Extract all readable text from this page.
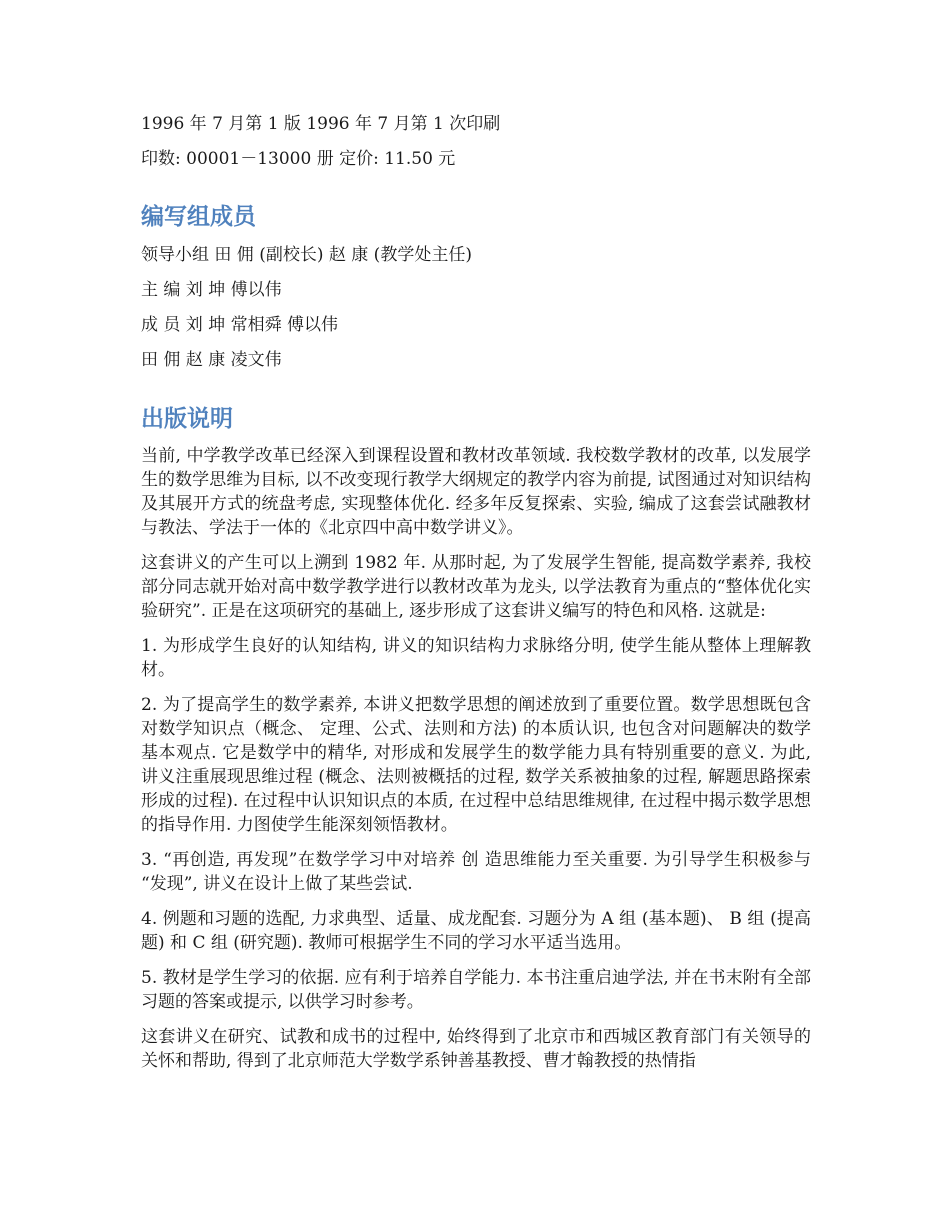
1996 年 7 月第 1 版 1996 年 7 月第 1 次印刷
印数: 00001－13000 册 定价: 11.50 元
编写组成员
领导小组 田 佣 (副校长) 赵 康 (教学处主任)
主 编 刘 坤 傅以伟
成 员 刘 坤 常相舜 傅以伟
田 佣 赵 康 凌文伟
出版说明

当前, 中学教学改革已经深入到课程设置和教材改革领域. 我校数学教材的改革, 以发展学生的数学思维为目标, 以不改变现行教学大纲规定的教学内容为前提, 试图通过对知识结构及其展开方式的统盘考虑, 实现整体优化. 经多年反复探索、实验, 编成了这套尝试融教材与教法、学法于一体的《北京四中高中数学讲义》。

这套讲义的产生可以上溯到 1982 年. 从那时起, 为了发展学生智能, 提高数学素养, 我校部分同志就开始对高中数学教学进行以教材改革为龙头, 以学法教育为重点的“整体优化实验研究”. 正是在这项研究的基础上, 逐步形成了这套讲义编写的特色和风格. 这就是:

1. 为形成学生良好的认知结构, 讲义的知识结构力求脉络分明, 使学生能从整体上理解教材。

2. 为了提高学生的数学素养, 本讲义把数学思想的阐述放到了重要位置。数学思想既包含对数学知识点（概念、 定理、公式、法则和方法) 的本质认识, 也包含对问题解决的数学基本观点. 它是数学中的精华, 对形成和发展学生的数学能力具有特别重要的意义. 为此, 讲义注重展现思维过程 (概念、法则被概括的过程, 数学关系被抽象的过程, 解题思路探索形成的过程). 在过程中认识知识点的本质, 在过程中总结思维规律, 在过程中揭示数学思想的指导作用. 力图使学生能深刻领悟教材。

3. “再创造, 再发现”在数学学习中对培养 创 造思维能力至关重要. 为引导学生积极参与 “发现”, 讲义在设计上做了某些尝试.

4. 例题和习题的选配, 力求典型、适量、成龙配套. 习题分为 A 组 (基本题)、 B 组 (提高题) 和 C 组 (研究题). 教师可根据学生不同的学习水平适当选用。

5. 教材是学生学习的依据. 应有利于培养自学能力. 本书注重启迪学法, 并在书末附有全部习题的答案或提示, 以供学习时参考。

这套讲义在研究、试教和成书的过程中, 始终得到了北京市和西城区教育部门有关领导的关怀和帮助, 得到了北京师范大学数学系钟善基教授、曹才翰教授的热情指
